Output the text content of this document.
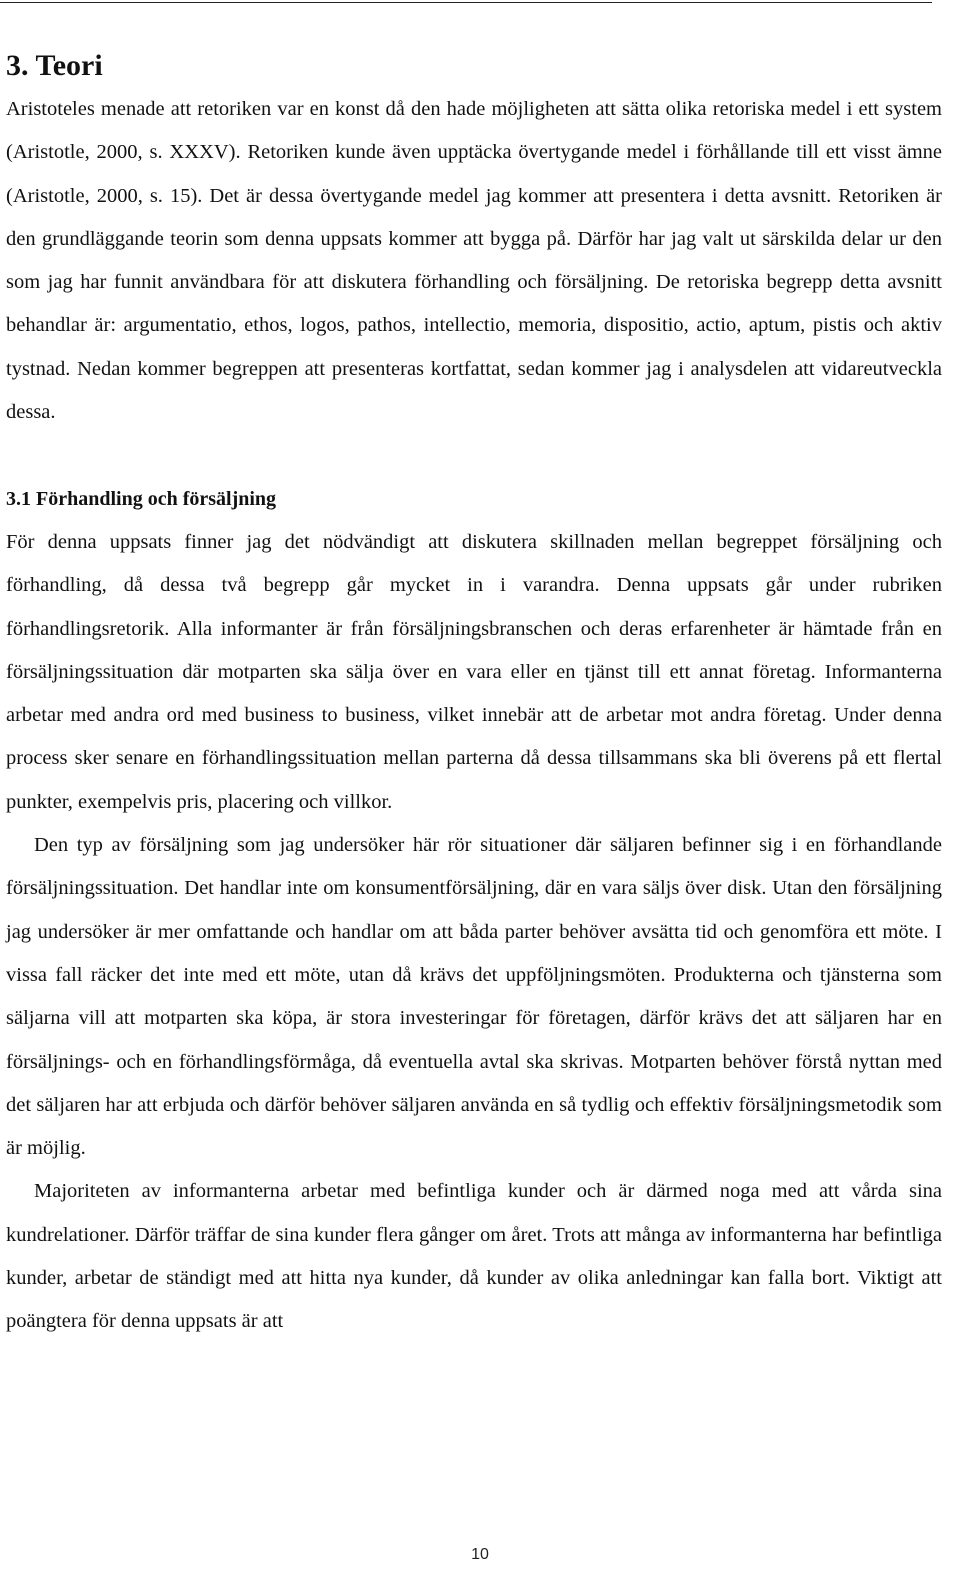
3. Teori

Aristoteles menade att retoriken var en konst då den hade möjligheten att sätta olika retoriska medel i ett system (Aristotle, 2000, s. XXXV). Retoriken kunde även upptäcka övertygande medel i förhållande till ett visst ämne (Aristotle, 2000, s. 15). Det är dessa övertygande medel jag kommer att presentera i detta avsnitt. Retoriken är den grundläggande teorin som denna uppsats kommer att bygga på. Därför har jag valt ut särskilda delar ur den som jag har funnit användbara för att diskutera förhandling och försäljning. De retoriska begrepp detta avsnitt behandlar är: argumentatio, ethos, logos, pathos, intellectio, memoria, dispositio, actio, aptum, pistis och aktiv tystnad. Nedan kommer begreppen att presenteras kortfattat, sedan kommer jag i analysdelen att vidareutveckla dessa.

3.1 Förhandling och försäljning

För denna uppsats finner jag det nödvändigt att diskutera skillnaden mellan begreppet försäljning och förhandling, då dessa två begrepp går mycket in i varandra. Denna uppsats går under rubriken förhandlingsretorik. Alla informanter är från försäljningsbranschen och deras erfarenheter är hämtade från en försäljningssituation där motparten ska sälja över en vara eller en tjänst till ett annat företag. Informanterna arbetar med andra ord med business to business, vilket innebär att de arbetar mot andra företag. Under denna process sker senare en förhandlingssituation mellan parterna då dessa tillsammans ska bli överens på ett flertal punkter, exempelvis pris, placering och villkor.

Den typ av försäljning som jag undersöker här rör situationer där säljaren befinner sig i en förhandlande försäljningssituation. Det handlar inte om konsumentförsäljning, där en vara säljs över disk. Utan den försäljning jag undersöker är mer omfattande och handlar om att båda parter behöver avsätta tid och genomföra ett möte. I vissa fall räcker det inte med ett möte, utan då krävs det uppföljningsmöten. Produkterna och tjänsterna som säljarna vill att motparten ska köpa, är stora investeringar för företagen, därför krävs det att säljaren har en försäljnings- och en förhandlingsförmåga, då eventuella avtal ska skrivas. Motparten behöver förstå nyttan med det säljaren har att erbjuda och därför behöver säljaren använda en så tydlig och effektiv försäljningsmetodik som är möjlig.

Majoriteten av informanterna arbetar med befintliga kunder och är därmed noga med att vårda sina kundrelationer. Därför träffar de sina kunder flera gånger om året. Trots att många av informanterna har befintliga kunder, arbetar de ständigt med att hitta nya kunder, då kunder av olika anledningar kan falla bort. Viktigt att poängtera för denna uppsats är att

10
